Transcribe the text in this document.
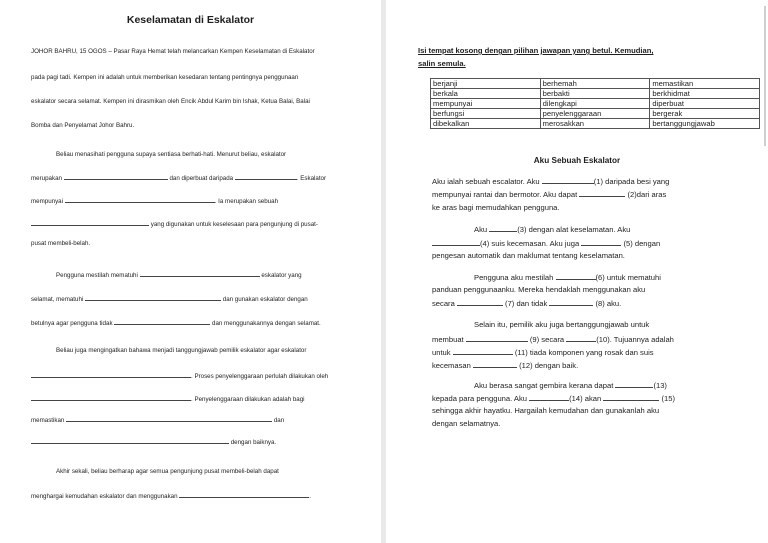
Keselamatan di Eskalator
JOHOR BAHRU, 15 OGOS – Pasar Raya Hemat telah melancarkan Kempen Keselamatan di Eskalator
pada pagi tadi. Kempen ini adalah untuk memberikan kesedaran tentang pentingnya penggunaan
eskalator secara selamat. Kempen ini dirasmikan oleh Encik Abdul Karim bin Ishak, Ketua Balai, Balai
Bomba dan Penyelamat Johor Bahru.
Beliau menasihati pengguna supaya sentiasa berhati-hati. Menurut beliau, eskalator
merupakan	dan diperbuat daripada	. Eskalator
mempunyai	. Ia merupakan sebuah
yang digunakan untuk keselesaan para pengunjung di pusat-
pusat membeli-belah.
Pengguna mestilah mematuhi	eskalator yang
selamat, mematuhi	dan gunakan eskalator dengan
betulnya agar pengguna tidak	dan menggunakannya dengan selamat.
Beliau juga mengingatkan bahawa menjadi tanggungjawab pemilik eskalator agar eskalator
. Proses penyelenggaraan perlulah dilakukan oleh
. Penyelenggaraan dilakukan adalah bagi
memastikan	dan
dengan baiknya.
Akhir sekali, beliau berharap agar semua pengunjung pusat membeli-belah dapat
menghargai kemudahan eskalator dan menggunakan	.
Isi tempat kosong dengan pilihan jawapan yang betul. Kemudian,
salin semula.
berjanji	berhemah	memastikan
berkala	berbakti	berkhidmat
mempunyai	dilengkapi	diperbuat
berfungsi	penyelenggaraan	bergerak
dibekalkan	merosakkan	bertanggungjawab
Aku Sebuah Eskalator
Aku ialah sebuah escalator. Aku	(1) daripada besi yang
mempunyai rantai dan bermotor. Aku dapat	(2)dari aras
ke aras bagi memudahkan pengguna.
Aku	(3) dengan alat keselamatan. Aku
(4) suis kecemasan. Aku juga	(5) dengan
pengesan automatik dan maklumat tentang keselamatan.
Pengguna aku mestilah	(6) untuk mematuhi
panduan penggunaanku. Mereka hendaklah menggunakan aku
secara	(7) dan tidak	(8) aku.
Selain itu, pemilik aku juga bertanggungjawab untuk
membuat	(9) secara	(10). Tujuannya adalah
untuk	(11) tiada komponen yang rosak dan suis
kecemasan	(12) dengan baik.
Aku berasa sangat gembira kerana dapat	(13)
kepada para pengguna. Aku	(14) akan	(15)
sehingga akhir hayatku. Hargailah kemudahan dan gunakanlah aku
dengan selamatnya.
